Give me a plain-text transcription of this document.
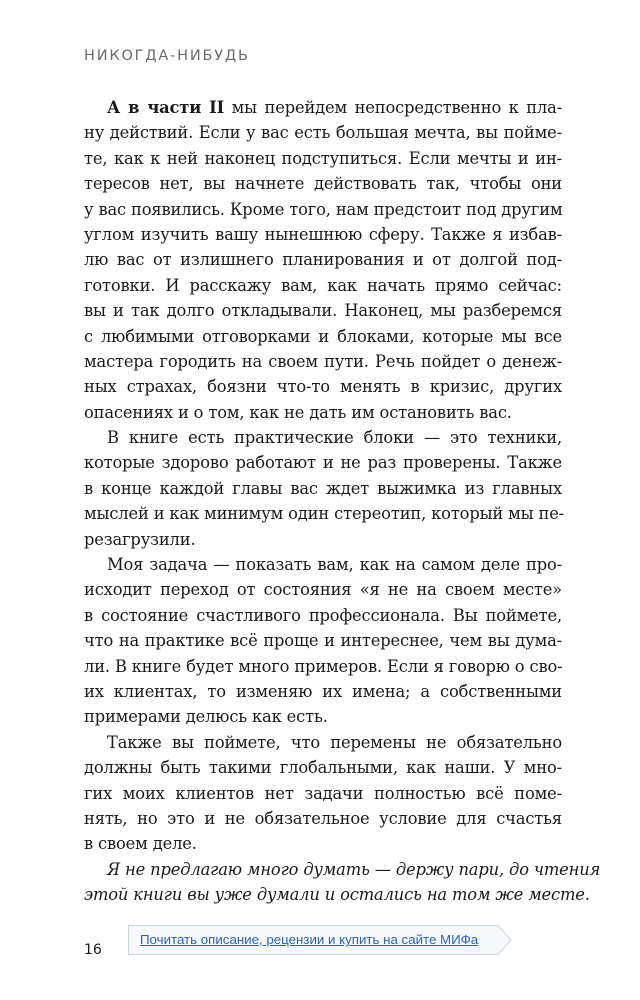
НИКОГДА-НИБУДЬ
А в части II мы перейдем непосредственно к пла-
ну действий. Если у вас есть большая мечта, вы пойме-
те, как к ней наконец подступиться. Если мечты и ин-
тересов нет, вы начнете действовать так, чтобы они
у вас появились. Кроме того, нам предстоит под другим
углом изучить вашу нынешнюю сферу. Также я избав-
лю вас от излишнего планирования и от долгой под-
готовки. И расскажу вам, как начать прямо сейчас:
вы и так долго откладывали. Наконец, мы разберемся
с любимыми отговорками и блоками, которые мы все
мастера городить на своем пути. Речь пойдет о денеж-
ных страхах, боязни что-то менять в кризис, других
опасениях и о том, как не дать им остановить вас.
В книге есть практические блоки — это техники,
которые здорово работают и не раз проверены. Также
в конце каждой главы вас ждет выжимка из главных
мыслей и как минимум один стереотип, который мы пе-
резагрузили.
Моя задача — показать вам, как на самом деле про-
исходит переход от состояния «я не на своем месте»
в состояние счастливого профессионала. Вы поймете,
что на практике всё проще и интереснее, чем вы дума-
ли. В книге будет много примеров. Если я говорю о сво-
их клиентах, то изменяю их имена; а собственными
примерами делюсь как есть.
Также вы поймете, что перемены не обязательно
должны быть такими глобальными, как наши. У мно-
гих моих клиентов нет задачи полностью всё поме-
нять, но это и не обязательное условие для счастья
в своем деле.
Я не предлагаю много думать — держу пари, до чтения
этой книги вы уже думали и остались на том же месте.
16
Почитать описание, рецензии и купить на сайте МИФа
